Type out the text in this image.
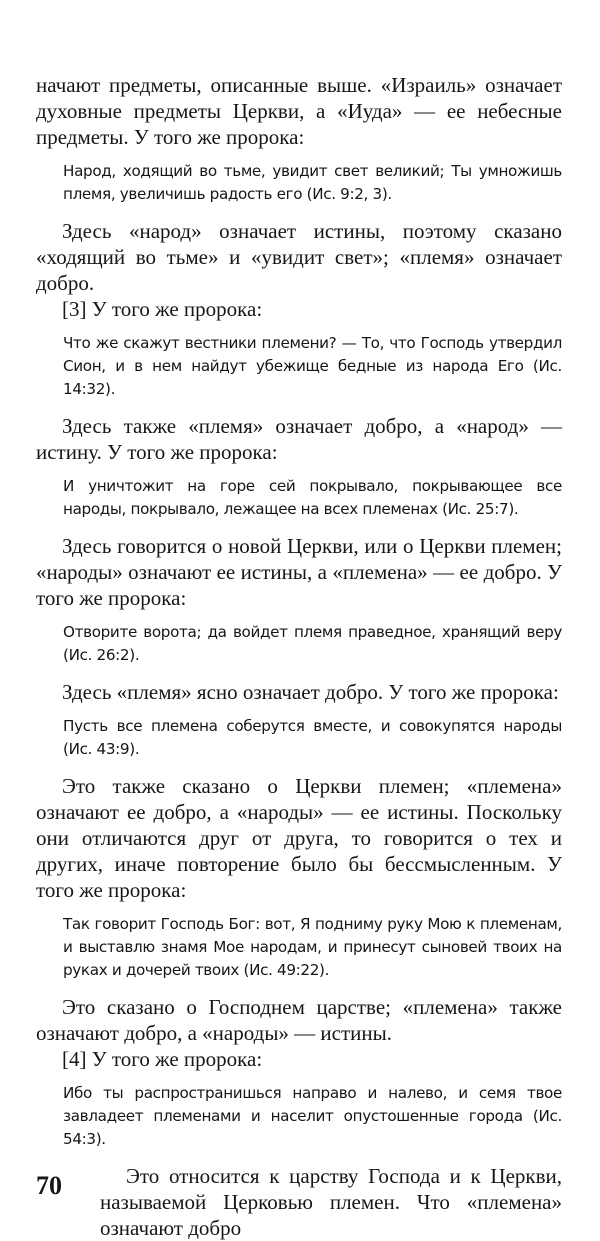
начают предметы, описанные выше. «Израиль» означает духовные предметы Церкви, а «Иуда» — ее небесные предметы. У того же пророка:

Народ, ходящий во тьме, увидит свет великий; Ты умножишь племя, увеличишь радость его (Ис. 9:2, 3).

Здесь «народ» означает истины, поэтому сказано «ходящий во тьме» и «увидит свет»; «племя» означает добро.

[3] У того же пророка:

Что же скажут вестники племени? — То, что Господь утвердил Сион, и в нем найдут убежище бедные из народа Его (Ис. 14:32).

Здесь также «племя» означает добро, а «народ» — истину. У того же пророка:

И уничтожит на горе сей покрывало, покрывающее все народы, покрывало, лежащее на всех племенах (Ис. 25:7).

Здесь говорится о новой Церкви, или о Церкви племен; «народы» означают ее истины, а «племена» — ее добро. У того же пророка:

Отворите ворота; да войдет племя праведное, хранящий веру (Ис. 26:2).

Здесь «племя» ясно означает добро. У того же пророка:

Пусть все племена соберутся вместе, и совокупятся народы (Ис. 43:9).

Это также сказано о Церкви племен; «племена» означают ее добро, а «народы» — ее истины. Поскольку они отличаются друг от друга, то говорится о тех и других, иначе повторение было бы бессмысленным. У того же пророка:

Так говорит Господь Бог: вот, Я подниму руку Мою к племенам, и выставлю знамя Мое народам, и принесут сыновей твоих на руках и дочерей твоих (Ис. 49:22).

Это сказано о Господнем царстве; «племена» также означают добро, а «народы» — истины.

[4] У того же пророка:

Ибо ты распространишься направо и налево, и семя твое завладеет племенами и населит опустошенные города (Ис. 54:3).

70	Это относится к царству Господа и к Церкви, называемой Церковью племен. Что «племена» означают добро
